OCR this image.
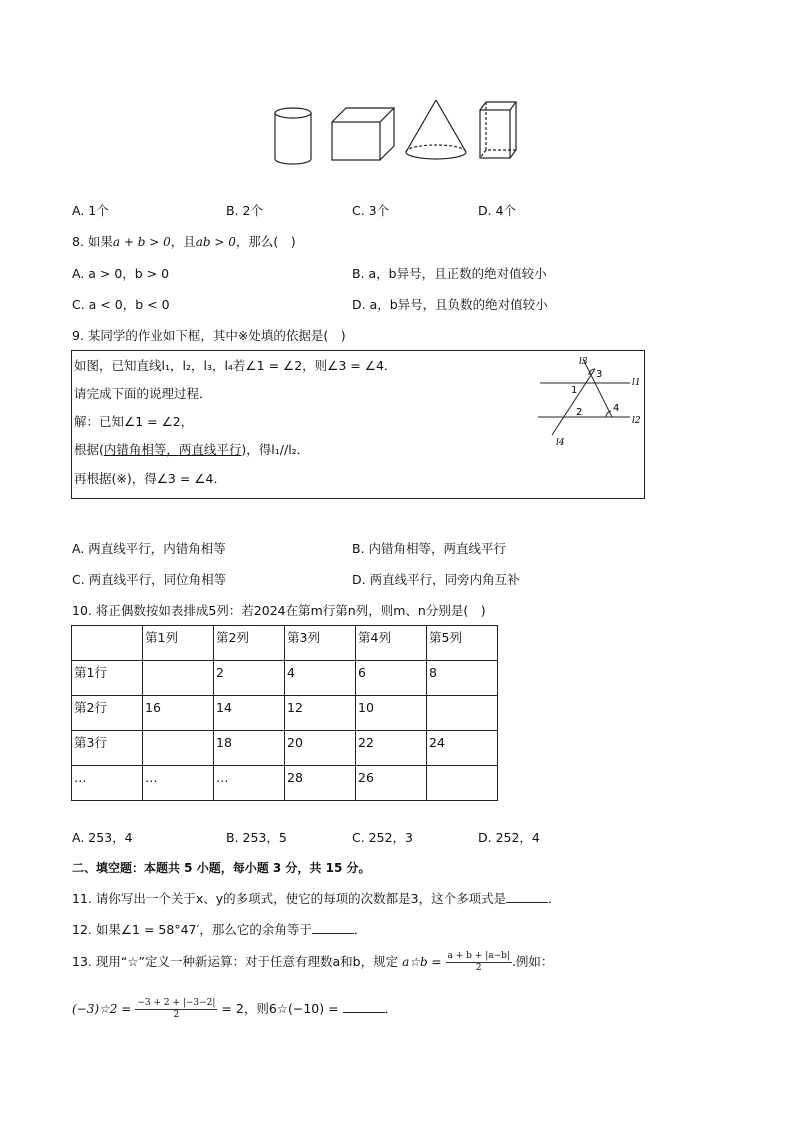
A. 1个	B. 2个	C. 3个	D. 4个
8. 如果a + b > 0，且ab > 0，那么(　)
A. a > 0，b > 0	B. a，b异号，且正数的绝对值较小
C. a < 0，b < 0	D. a，b异号，且负数的绝对值较小
9. 某同学的作业如下框，其中※处填的依据是(　)
如图，已知直线l₁，l₂，l₃，l₄若∠1 = ∠2，则∠3 = ∠4．
请完成下面的说理过程．
解：已知∠1 = ∠2，
根据(内错角相等，两直线平行)，得l₁//l₂．
再根据(※)，得∠3 = ∠4．
l3
3
l1
1
2	4
l2
l4
A. 两直线平行，内错角相等	B. 内错角相等，两直线平行
C. 两直线平行，同位角相等	D. 两直线平行，同旁内角互补
10. 将正偶数按如表排成5列：若2024在第m行第n列，则m、n分别是(　)
	第1列	第2列	第3列	第4列	第5列
第1行		2	4	6	8
第2行	16	14	12	10	
第3行		18	20	22	24
…	…	…	28	26	
A. 253，4	B. 253，5	C. 252，3	D. 252，4
二、填空题：本题共 5 小题，每小题 3 分，共 15 分。
11. 请你写出一个关于x、y的多项式，使它的每项的次数都是3，这个多项式是	．
12. 如果∠1 = 58°47′，那么它的余角等于	．
13. 现用“☆”定义一种新运算：对于任意有理数a和b，规定 a☆b = $\frac{a + b + |a-b|}{2}$ .例如：
(−3)☆2 = $\frac{-3 + 2 + |-3-2|}{2} = 2$，则6☆(−10) =	．
